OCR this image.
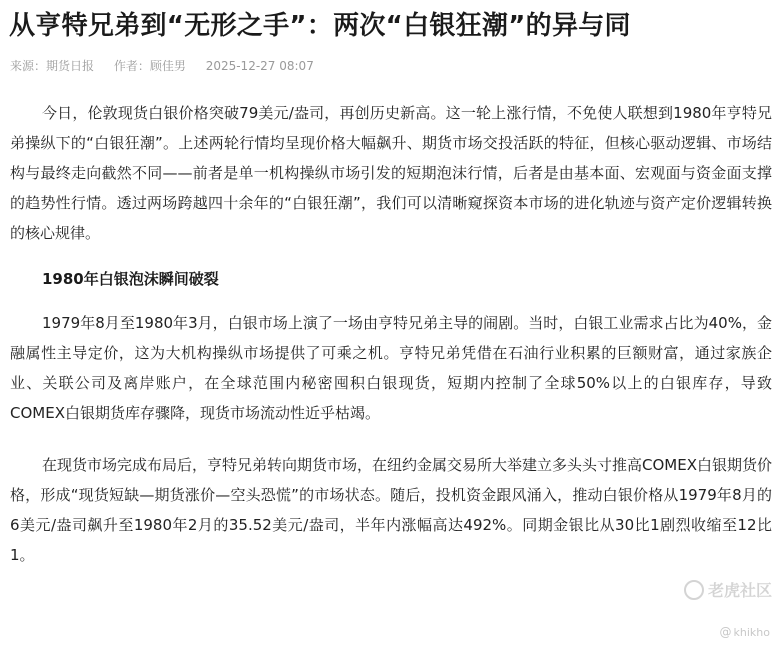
从亨特兄弟到“无形之手”：两次“白银狂潮”的异与同
来源：期货日报 作者：顾佳男 2025-12-27 08:07

今日，伦敦现货白银价格突破79美元/盎司，再创历史新高。这一轮上涨行情，不免使人联想到1980年亨特兄弟操纵下的“白银狂潮”。上述两轮行情均呈现价格大幅飙升、期货市场交投活跃的特征，但核心驱动逻辑、市场结构与最终走向截然不同——前者是单一机构操纵市场引发的短期泡沫行情，后者是由基本面、宏观面与资金面支撑的趋势性行情。透过两场跨越四十余年的“白银狂潮”，我们可以清晰窥探资本市场的进化轨迹与资产定价逻辑转换的核心规律。

1980年白银泡沫瞬间破裂

1979年8月至1980年3月，白银市场上演了一场由亨特兄弟主导的闹剧。当时，白银工业需求占比为40%，金融属性主导定价，这为大机构操纵市场提供了可乘之机。亨特兄弟凭借在石油行业积累的巨额财富，通过家族企业、关联公司及离岸账户，在全球范围内秘密囤积白银现货，短期内控制了全球50%以上的白银库存，导致COMEX白银期货库存骤降，现货市场流动性近乎枯竭。

在现货市场完成布局后，亨特兄弟转向期货市场，在纽约金属交易所大举建立多头头寸推高COMEX白银期货价格，形成“现货短缺—期货涨价—空头恐慌”的市场状态。随后，投机资金跟风涌入，推动白银价格从1979年8月的6美元/盎司飙升至1980年2月的35.52美元/盎司，半年内涨幅高达492%。同期金银比从30比1剧烈收缩至12比1。

老虎社区
@ khikho
